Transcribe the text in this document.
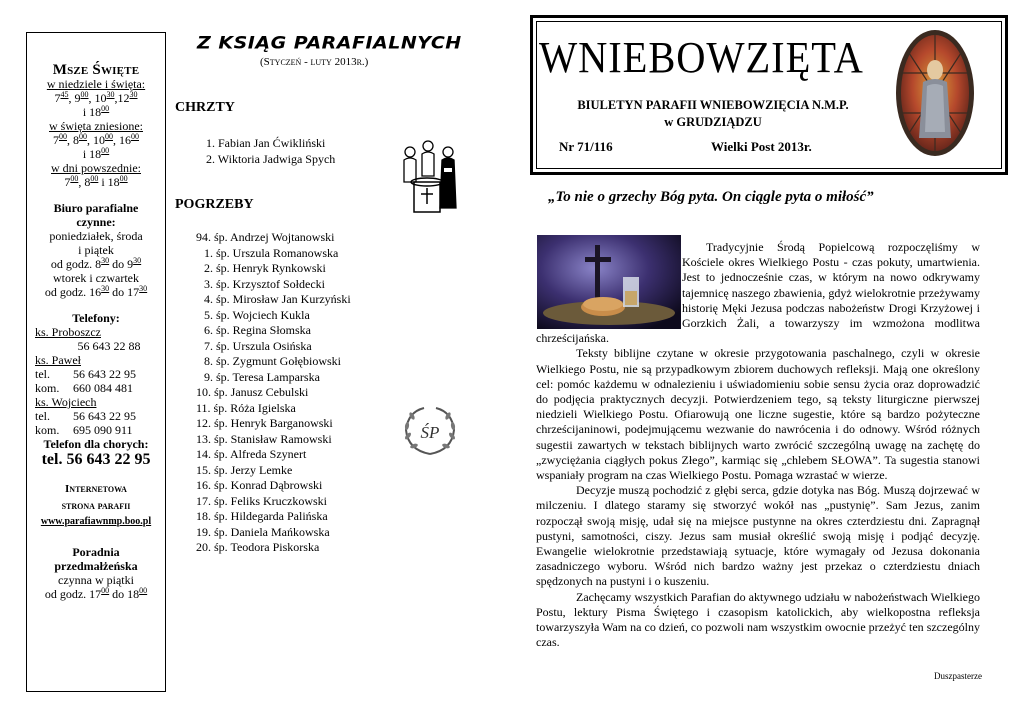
Msze Święte
w niedziele i święta:
$7^{45}$, $9^{00}$, $10^{30},12^{30}$
i $18^{00}$
w święta zniesione:
$7^{00}$, $8^{00}$, $10^{00}$, $16^{00}$
i $18^{00}$
w dni powszednie:
$7^{00}$, $8^{00}$ i $18^{00}$
Biuro parafialne czynne:
poniedziałek, środa
i piątek
od godz. $8^{30}$ do $9^{30}$
wtorek i czwartek
od godz. $16^{30}$ do $17^{30}$
Telefony:
ks. Proboszcz
56 643 22 88
ks. Paweł
tel. 56 643 22 95
kom. 660 084 481
ks. Wojciech
tel. 56 643 22 95
kom. 695 090 911
Telefon dla chorych:
tel. 56 643 22 95
Internetowa
strona parafii
www.parafiawnmp.boo.pl
Poradnia
przedmałżeńska
czynna w piątki
od godz. $17^{00}$ do $18^{00}$
Z KSIĄG PARAFIALNYCH
(Styczeń - luty 2013r.)
CHRZTY
1. Fabian Jan Ćwikliński
2. Wiktoria Jadwiga Spych
POGRZEBY
94. śp. Andrzej Wojtanowski
1. śp. Urszula Romanowska
2. śp. Henryk Rynkowski
3. śp. Krzysztof Sołdecki
4. śp. Mirosław Jan Kurzyński
5. śp. Wojciech Kukla
6. śp. Regina Słomska
7. śp. Urszula Osińska
8. śp. Zygmunt Gołębiowski
9. śp. Teresa Lamparska
10. śp. Janusz Cebulski
11. śp. Róża Igielska
12. śp. Henryk Barganowski
13. śp. Stanisław Ramowski
14. śp. Alfreda Szynert
15. śp. Jerzy Lemke
16. śp. Konrad Dąbrowski
17. śp. Feliks Kruczkowski
18. śp. Hildegarda Palińska
19. śp. Daniela Mańkowska
20. śp. Teodora Piskorska
ŚP
WNIEBOWZIĘTA
BIULETYN PARAFII WNIEBOWZIĘCIA N.M.P.
w GRUDZIĄDZU
Nr 71/116	Wielki Post 2013r.
„To nie o grzechy Bóg pyta. On ciągle pyta o miłość”

Tradycyjnie Środą Popielcową rozpoczęliśmy w Kościele okres Wielkiego Postu - czas pokuty, umartwienia. Jest to jednocześnie czas, w którym na nowo odkrywamy tajemnicę naszego zbawienia, gdyż wielokrotnie przeżywamy historię Męki Jezusa podczas nabożeństw Drogi Krzyżowej i Gorzkich Żali, a towarzyszy im wzmożona modlitwa chrześcijańska.

Teksty biblijne czytane w okresie przygotowania paschalnego, czyli w okresie Wielkiego Postu, nie są przypadkowym zbiorem duchowych refleksji. Mają one określony cel: pomóc każdemu w odnalezieniu i uświadomieniu sobie sensu życia oraz doprowadzić do podjęcia praktycznych decyzji. Potwierdzeniem tego, są teksty liturgiczne pierwszej niedzieli Wielkiego Postu. Ofiarowują one liczne sugestie, które są bardzo pożyteczne chrześcijaninowi, podejmującemu wezwanie do nawrócenia i do odnowy. Wśród różnych sugestii zawartych w tekstach biblijnych warto zwrócić szczególną uwagę na zachętę do „zwyciężania ciągłych pokus Złego”, karmiąc się „chlebem SŁOWA”. Ta sugestia stanowi wspaniały program na czas Wielkiego Postu. Pomaga wzrastać w wierze.

Decyzje muszą pochodzić z głębi serca, gdzie dotyka nas Bóg. Muszą dojrzewać w milczeniu. I dlatego staramy się stworzyć wokół nas „pustynię”. Sam Jezus, zanim rozpoczął swoją misję, udał się na miejsce pustynne na okres czterdziestu dni. Zapragnął pustyni, samotności, ciszy. Jezus sam musiał określić swoją misję i podjąć decyzję. Ewangelie wielokrotnie przedstawiają sytuacje, które wymagały od Jezusa dokonania zasadniczego wyboru. Wśród nich bardzo ważny jest przekaz o czterdziestu dniach spędzonych na pustyni i o kuszeniu.

Zachęcamy wszystkich Parafian do aktywnego udziału w nabożeństwach Wielkiego Postu, lektury Pisma Świętego i czasopism katolickich, aby wielkopostna refleksja towarzyszyła Wam na co dzień, co pozwoli nam wszystkim owocnie przeżyć ten szczególny czas.

Duszpasterze
